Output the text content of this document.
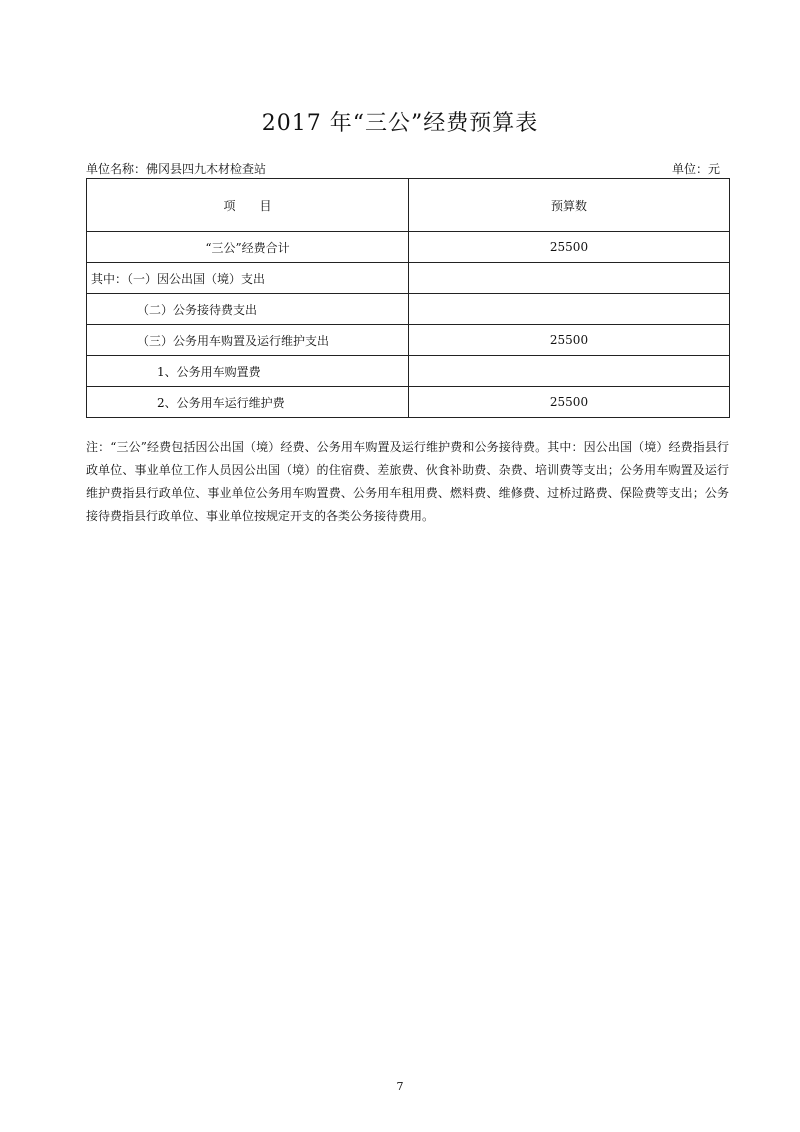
2017 年“三公”经费预算表
单位名称：佛冈县四九木材检查站	单位：元
项　　目	预算数
“三公”经费合计	25500
其中：（一）因公出国（境）支出	
（二）公务接待费支出	
（三）公务用车购置及运行维护支出	25500
1、公务用车购置费	
2、公务用车运行维护费	25500
注：“三公”经费包括因公出国（境）经费、公务用车购置及运行维护费和公务接待费。其中：因公出国（境）经费指县行政单位、事业单位工作人员因公出国（境）的住宿费、差旅费、伙食补助费、杂费、培训费等支出；公务用车购置及运行维护费指县行政单位、事业单位公务用车购置费、公务用车租用费、燃料费、维修费、过桥过路费、保险费等支出；公务接待费指县行政单位、事业单位按规定开支的各类公务接待费用。
7
